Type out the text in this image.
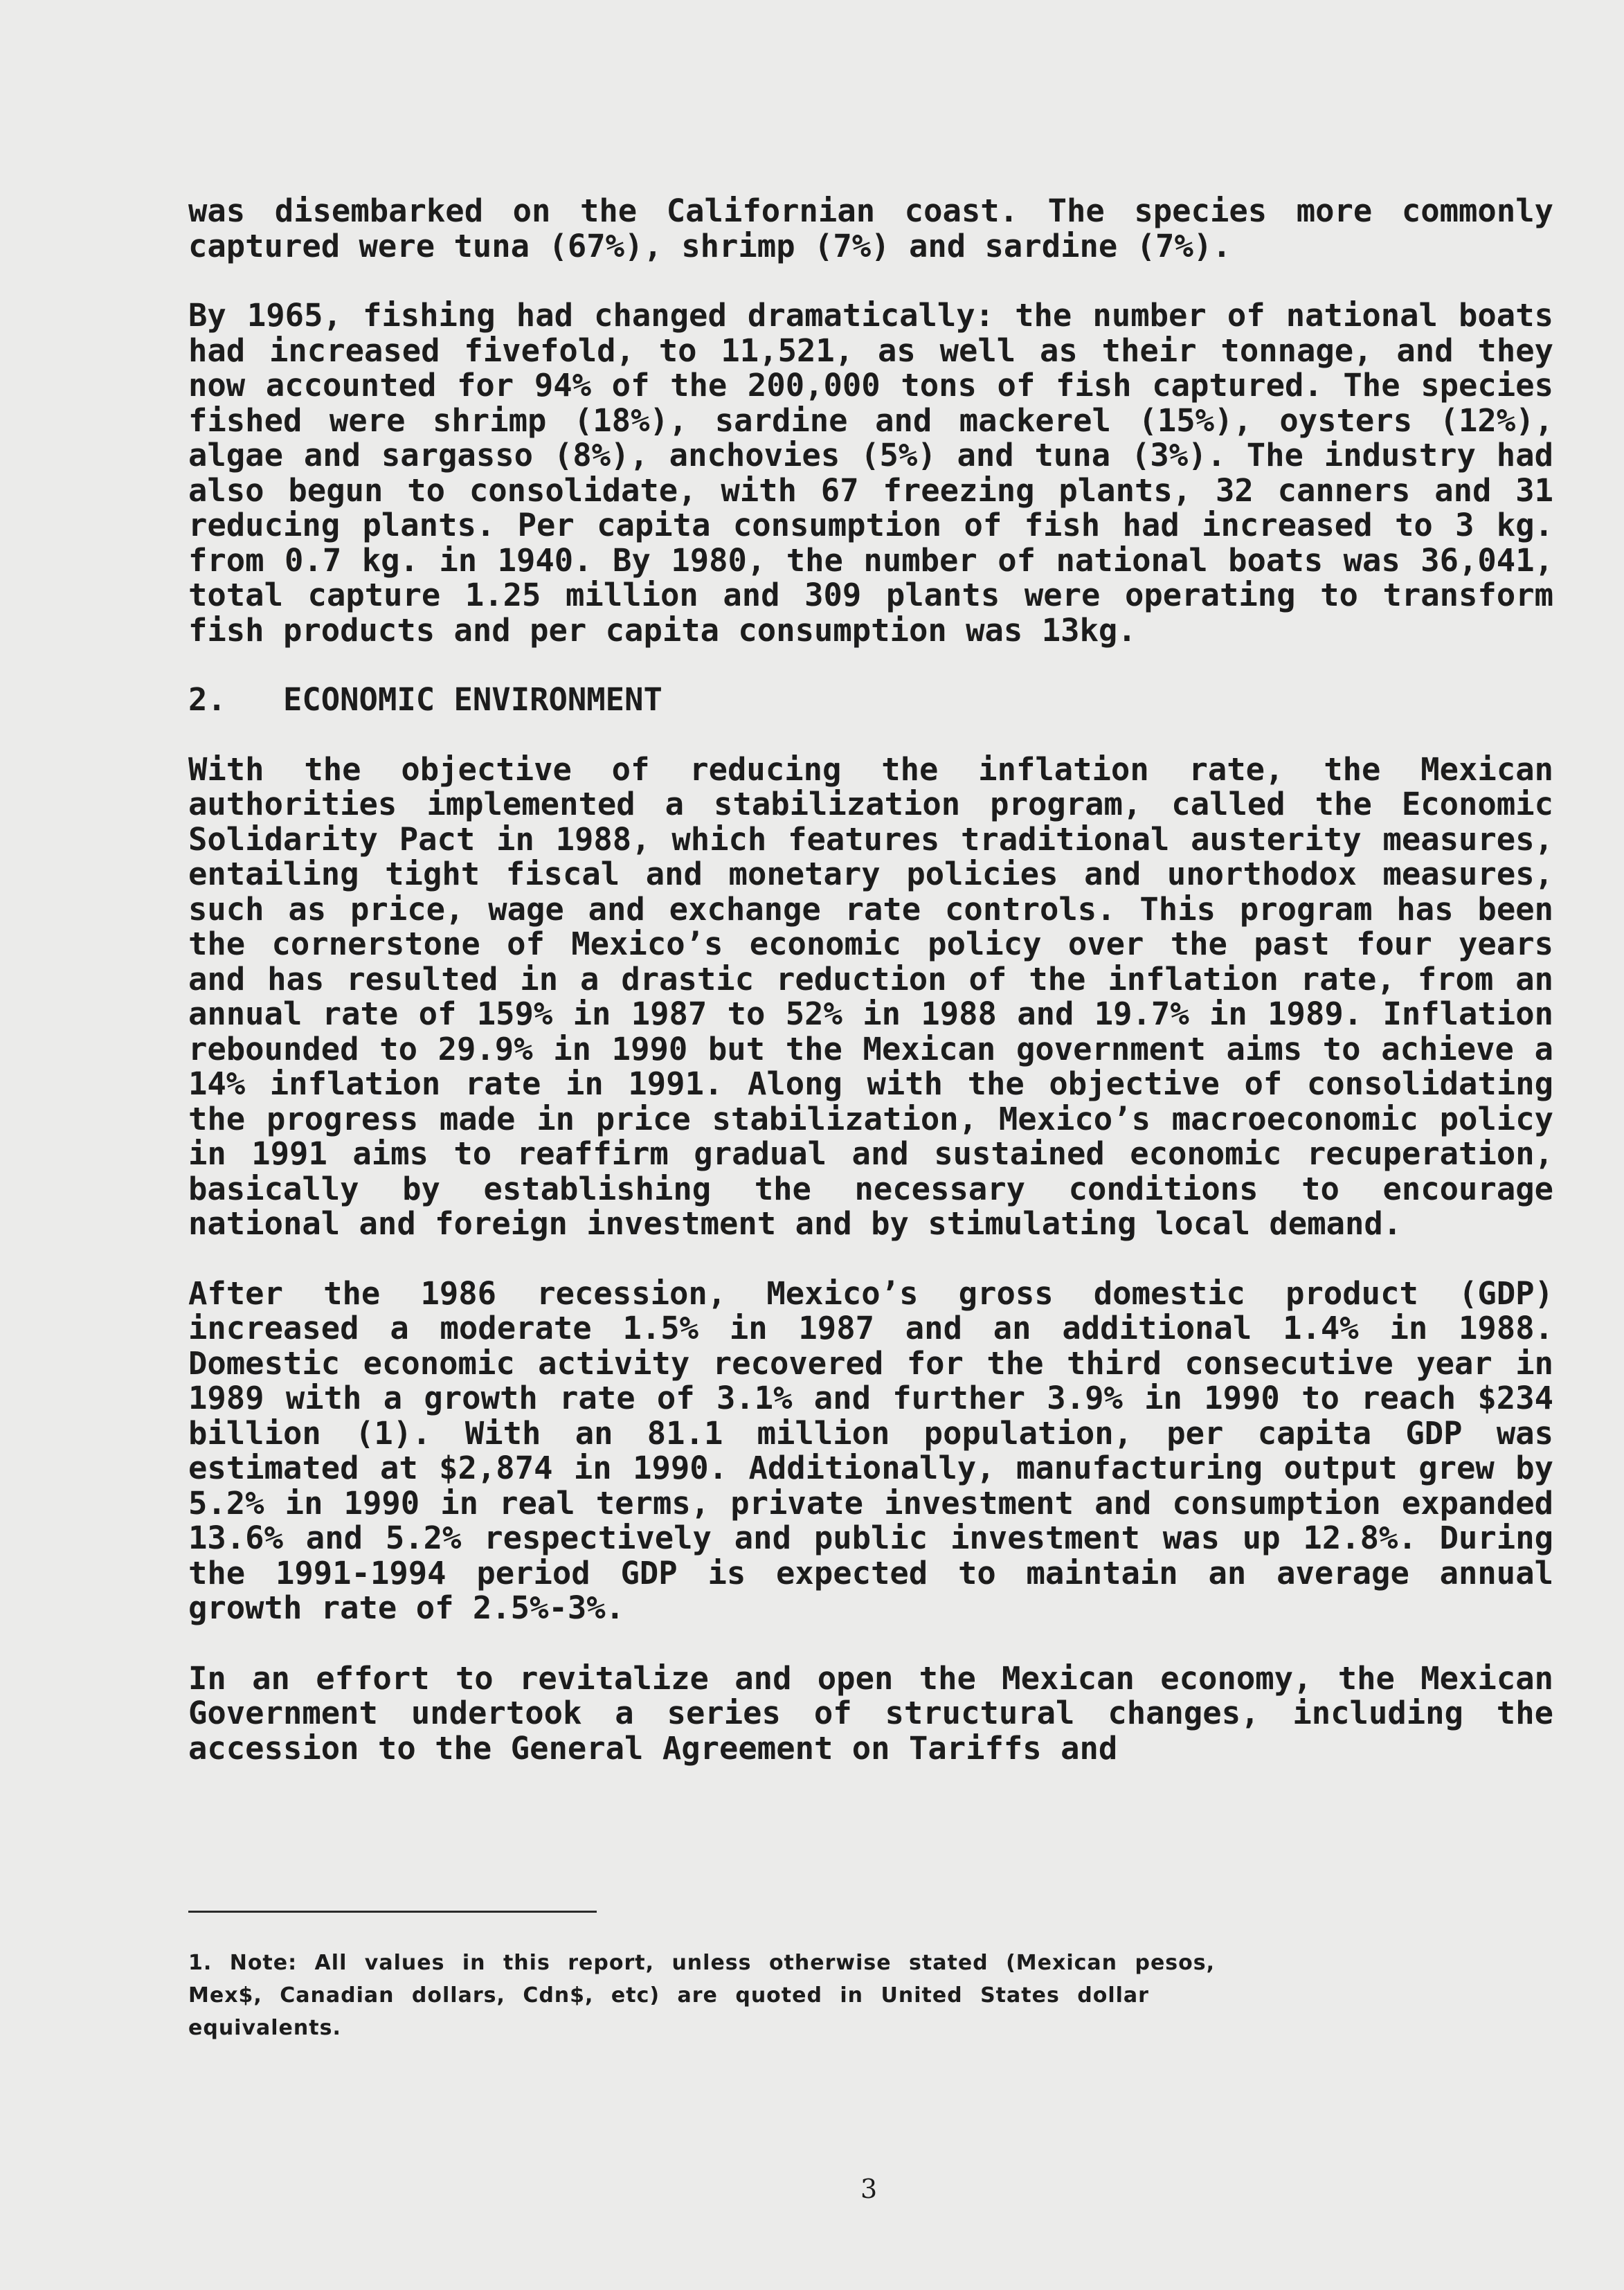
was disembarked on the Californian coast. The species more commonly captured were tuna (67%), shrimp (7%) and sardine (7%).

By 1965, fishing had changed dramatically: the number of national boats had increased fivefold, to 11,521, as well as their tonnage, and they now accounted for 94% of the 200,000 tons of fish captured. The species fished were shrimp (18%), sardine and mackerel (15%), oysters (12%), algae and sargasso (8%), anchovies (5%) and tuna (3%). The industry had also begun to consolidate, with 67 freezing plants, 32 canners and 31 reducing plants. Per capita consumption of fish had increased to 3 kg. from 0.7 kg. in 1940. By 1980, the number of national boats was 36,041, total capture 1.25 million and 309 plants were operating to transform fish products and per capita consumption was 13kg.

2. ECONOMIC ENVIRONMENT

With the objective of reducing the inflation rate, the Mexican authorities implemented a stabilization program, called the Economic Solidarity Pact in 1988, which features traditional austerity measures, entailing tight fiscal and monetary policies and unorthodox measures, such as price, wage and exchange rate controls. This program has been the cornerstone of Mexico’s economic policy over the past four years and has resulted in a drastic reduction of the inflation rate, from an annual rate of 159% in 1987 to 52% in 1988 and 19.7% in 1989. Inflation rebounded to 29.9% in 1990 but the Mexican government aims to achieve a 14% inflation rate in 1991. Along with the objective of consolidating the progress made in price stabilization, Mexico’s macroeconomic policy in 1991 aims to reaffirm gradual and sustained economic recuperation, basically by establishing the necessary conditions to encourage national and foreign investment and by stimulating local demand.

After the 1986 recession, Mexico’s gross domestic product (GDP) increased a moderate 1.5% in 1987 and an additional 1.4% in 1988. Domestic economic activity recovered for the third consecutive year in 1989 with a growth rate of 3.1% and further 3.9% in 1990 to reach $234 billion (1). With an 81.1 million population, per capita GDP was estimated at $2,874 in 1990. Additionally, manufacturing output grew by 5.2% in 1990 in real terms, private investment and consumption expanded 13.6% and 5.2% respectively and public investment was up 12.8%. During the 1991-1994 period GDP is expected to maintain an average annual growth rate of 2.5%-3%.

In an effort to revitalize and open the Mexican economy, the Mexican Government undertook a series of structural changes, including the accession to the General Agreement on Tariffs and

1. Note: All values in this report, unless otherwise stated (Mexican pesos,

Mex$, Canadian dollars, Cdn$, etc) are quoted in United States dollar

equivalents.

3
